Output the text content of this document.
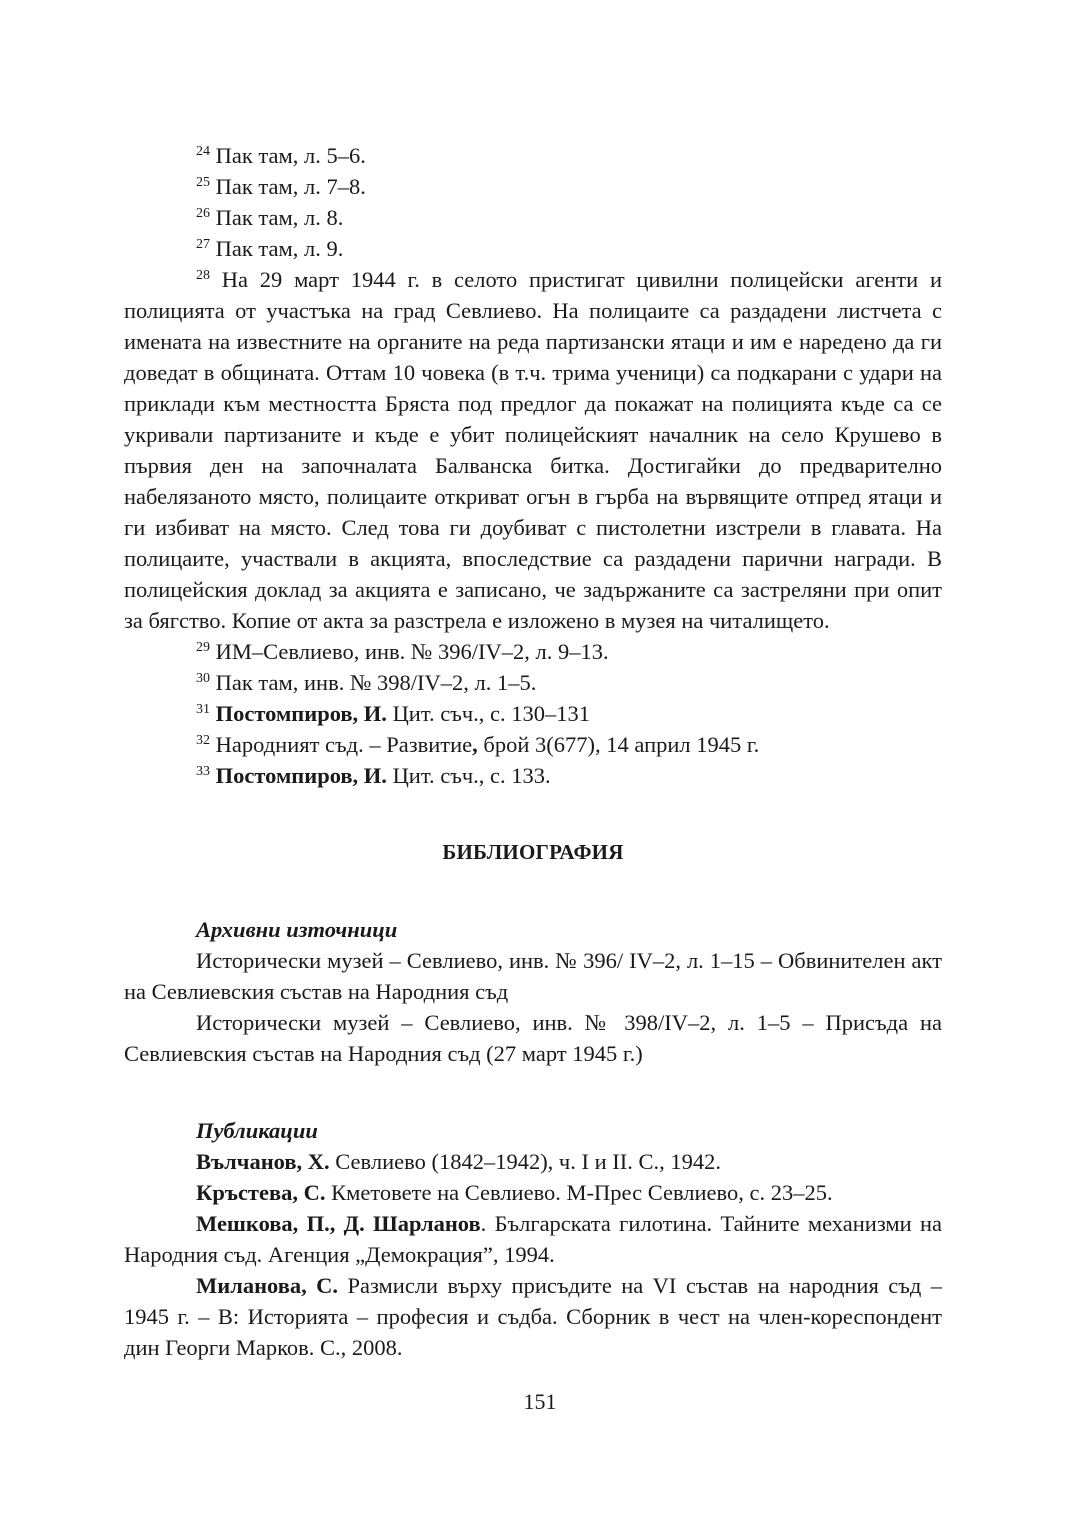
$^{24}$ Пак там, л. 5–6.

$^{25}$ Пак там, л. 7–8.

$^{26}$ Пак там, л. 8.

$^{27}$ Пак там, л. 9.

$^{28}$ На 29 март 1944 г. в селото пристигат цивилни полицейски агенти и полицията от участъка на град Севлиево. На полицаите са раздадени листчета с имената на известните на органите на реда партизански ятаци и им е наредено да ги доведат в общината. Оттам 10 човека (в т.ч. трима ученици) са подкарани с удари на приклади към местността Бряста под предлог да покажат на полицията къде са се укривали партизаните и къде е убит полицейският началник на село Крушево в първия ден на започналата Балванска битка. Достигайки до предварително набелязаното място, полицаите откриват огън в гърба на вървящите отпред ятаци и ги избиват на място. След това ги доубиват с пистолетни изстрели в главата. На полицаите, участвали в акцията, впоследствие са раздадени парични награди. В полицейския доклад за акцията е записано, че задържаните са застреляни при опит за бягство. Копие от акта за разстрела е изложено в музея на читалището.

$^{29}$ ИМ–Севлиево, инв. № 396/IV–2, л. 9–13.

$^{30}$ Пак там, инв. № 398/IV–2, л. 1–5.

$^{31}$ Постомпиров, И. Цит. съч., с. 130–131

$^{32}$ Народният съд. – Развитие, брой 3(677), 14 април 1945 г.

$^{33}$ Постомпиров, И. Цит. съч., с. 133.

БИБЛИОГРАФИЯ

Архивни източници

Исторически музей – Севлиево, инв. № 396/ IV–2, л. 1–15 – Обвинителен акт на Севлиевския състав на Народния съд

Исторически музей – Севлиево, инв. № 398/IV–2, л. 1–5 – Присъда на Севлиевския състав на Народния съд (27 март 1945 г.)

Публикации

Вълчанов, Х. Севлиево (1842–1942), ч. I и II. С., 1942.

Кръстева, С. Кметовете на Севлиево. М-Прес Севлиево, с. 23–25.

Мешкова, П., Д. Шарланов. Българската гилотина. Тайните механизми на Народния съд. Агенция „Демокрация”, 1994.

Миланова, С. Размисли върху присъдите на VI състав на народния съд – 1945 г. – В: Историята – професия и съдба. Сборник в чест на член-кореспондент дин Георги Марков. С., 2008.

151
